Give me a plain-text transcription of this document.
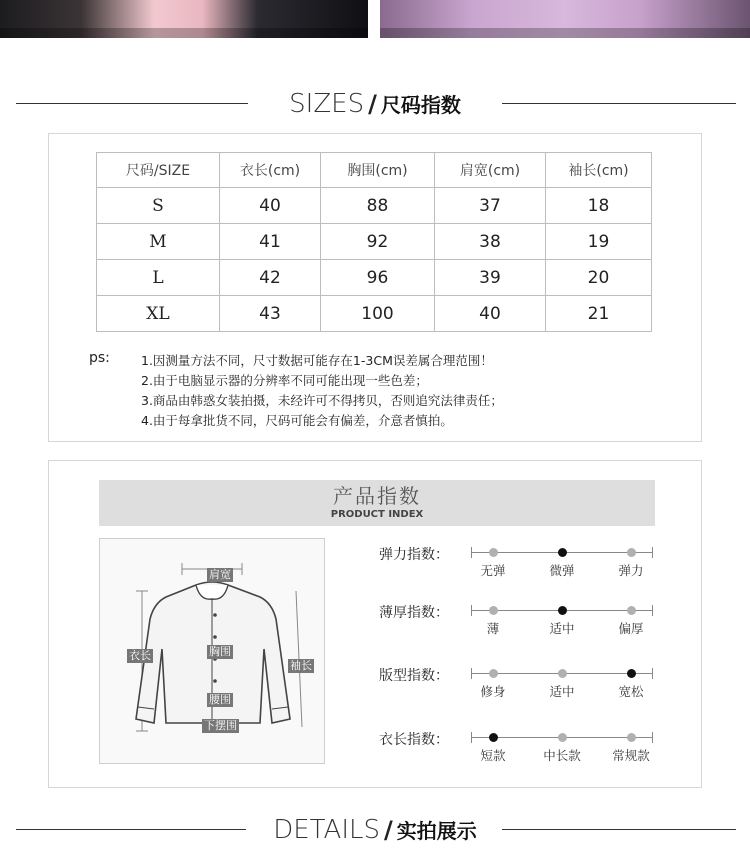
SIZES / 尺码指数
尺码/SIZE	衣长(cm)	胸围(cm)	肩宽(cm)	袖长(cm)
S	40	88	37	18
M	41	92	38	19
L	42	96	39	20
XL	43	100	40	21
ps: 1.因测量方法不同，尺寸数据可能存在1-3CM误差属合理范围！
2.由于电脑显示器的分辨率不同可能出现一些色差；
3.商品由韩惑女装拍摄，未经许可不得拷贝，否则追究法律责任；
4.由于每拿批货不同，尺码可能会有偏差，介意者慎拍。
产品指数
PRODUCT INDEX
肩宽
衣长	胸围
袖长
腰围
下摆围
弹力指数：
无弹	微弹	弹力
薄厚指数：
薄	适中	偏厚
版型指数：
修身	适中	宽松
衣长指数：
短款	中长款	常规款
DETAILS / 实拍展示
